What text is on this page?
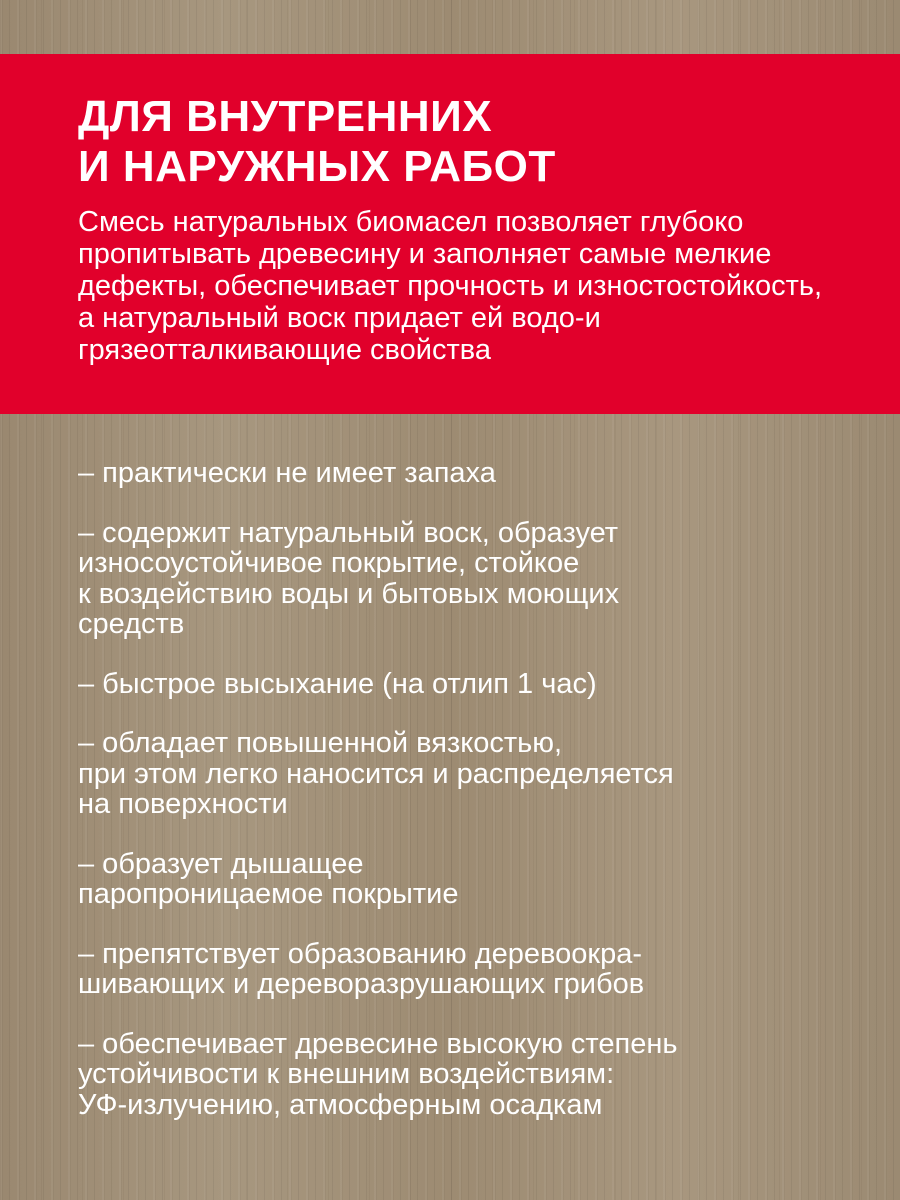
ДЛЯ ВНУТРЕННИХ
И НАРУЖНЫХ РАБОТ

Смесь натуральных биомасел позволяет глубоко пропитывать древесину и заполняет самые мелкие дефекты, обеспечивает прочность и изностостойкость, а натуральный воск придает ей водо-и грязеотталкивающие свойства

– практически не имеет запаха
– содержит натуральный воск, образует
износоустойчивое покрытие, стойкое
к воздействию воды и бытовых моющих
средств
– быстрое высыхание (на отлип 1 час)
– обладает повышенной вязкостью,
при этом легко наносится и распределяется
на поверхности
– образует дышащее
паропроницаемое покрытие
– препятствует образованию деревоокра-
шивающих и дереворазрушающих грибов
– обеспечивает древесине высокую степень
устойчивости к внешним воздействиям:
УФ-излучению, атмосферным осадкам
